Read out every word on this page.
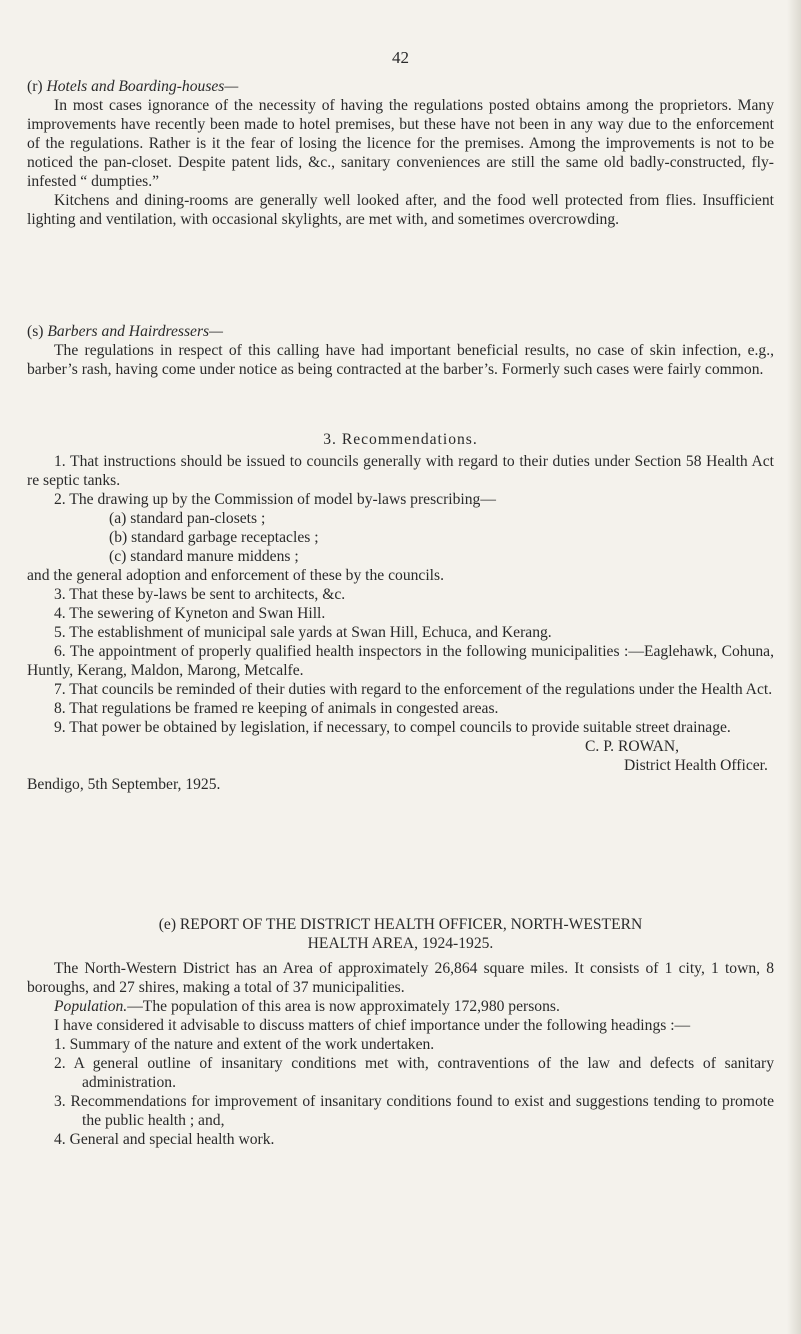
42

(r) Hotels and Boarding-houses—

In most cases ignorance of the necessity of having the regulations posted obtains among the proprietors. Many improvements have recently been made to hotel premises, but these have not been in any way due to the enforcement of the regulations. Rather is it the fear of losing the licence for the premises. Among the improvements is not to be noticed the pan-closet. Despite patent lids, &c., sanitary conveniences are still the same old badly-constructed, fly-infested “ dumpties.”

Kitchens and dining-rooms are generally well looked after, and the food well protected from flies. Insufficient lighting and ventilation, with occasional skylights, are met with, and sometimes overcrowding.

(s) Barbers and Hairdressers—

The regulations in respect of this calling have had important beneficial results, no case of skin infection, e.g., barber’s rash, having come under notice as being contracted at the barber’s. Formerly such cases were fairly common.

3. Recommendations.

1. That instructions should be issued to councils generally with regard to their duties under Section 58 Health Act re septic tanks.

2. The drawing up by the Commission of model by-laws prescribing—

(a) standard pan-closets ;

(b) standard garbage receptacles ;

(c) standard manure middens ;

and the general adoption and enforcement of these by the councils.

3. That these by-laws be sent to architects, &c.

4. The sewering of Kyneton and Swan Hill.

5. The establishment of municipal sale yards at Swan Hill, Echuca, and Kerang.

6. The appointment of properly qualified health inspectors in the following municipalities :—Eaglehawk, Cohuna, Huntly, Kerang, Maldon, Marong, Metcalfe.

7. That councils be reminded of their duties with regard to the enforcement of the regulations under the Health Act.

8. That regulations be framed re keeping of animals in congested areas.

9. That power be obtained by legislation, if necessary, to compel councils to provide suitable street drainage.

C. P. ROWAN,

District Health Officer.

Bendigo, 5th September, 1925.

(e) REPORT OF THE DISTRICT HEALTH OFFICER, NORTH-WESTERN

HEALTH AREA, 1924-1925.

The North-Western District has an Area of approximately 26,864 square miles. It consists of 1 city, 1 town, 8 boroughs, and 27 shires, making a total of 37 municipalities.

Population.—The population of this area is now approximately 172,980 persons.

I have considered it advisable to discuss matters of chief importance under the following headings :—

1. Summary of the nature and extent of the work undertaken.

2. A general outline of insanitary conditions met with, contraventions of the law and defects of sanitary administration.

3. Recommendations for improvement of insanitary conditions found to exist and suggestions tending to promote the public health ; and,

4. General and special health work.
